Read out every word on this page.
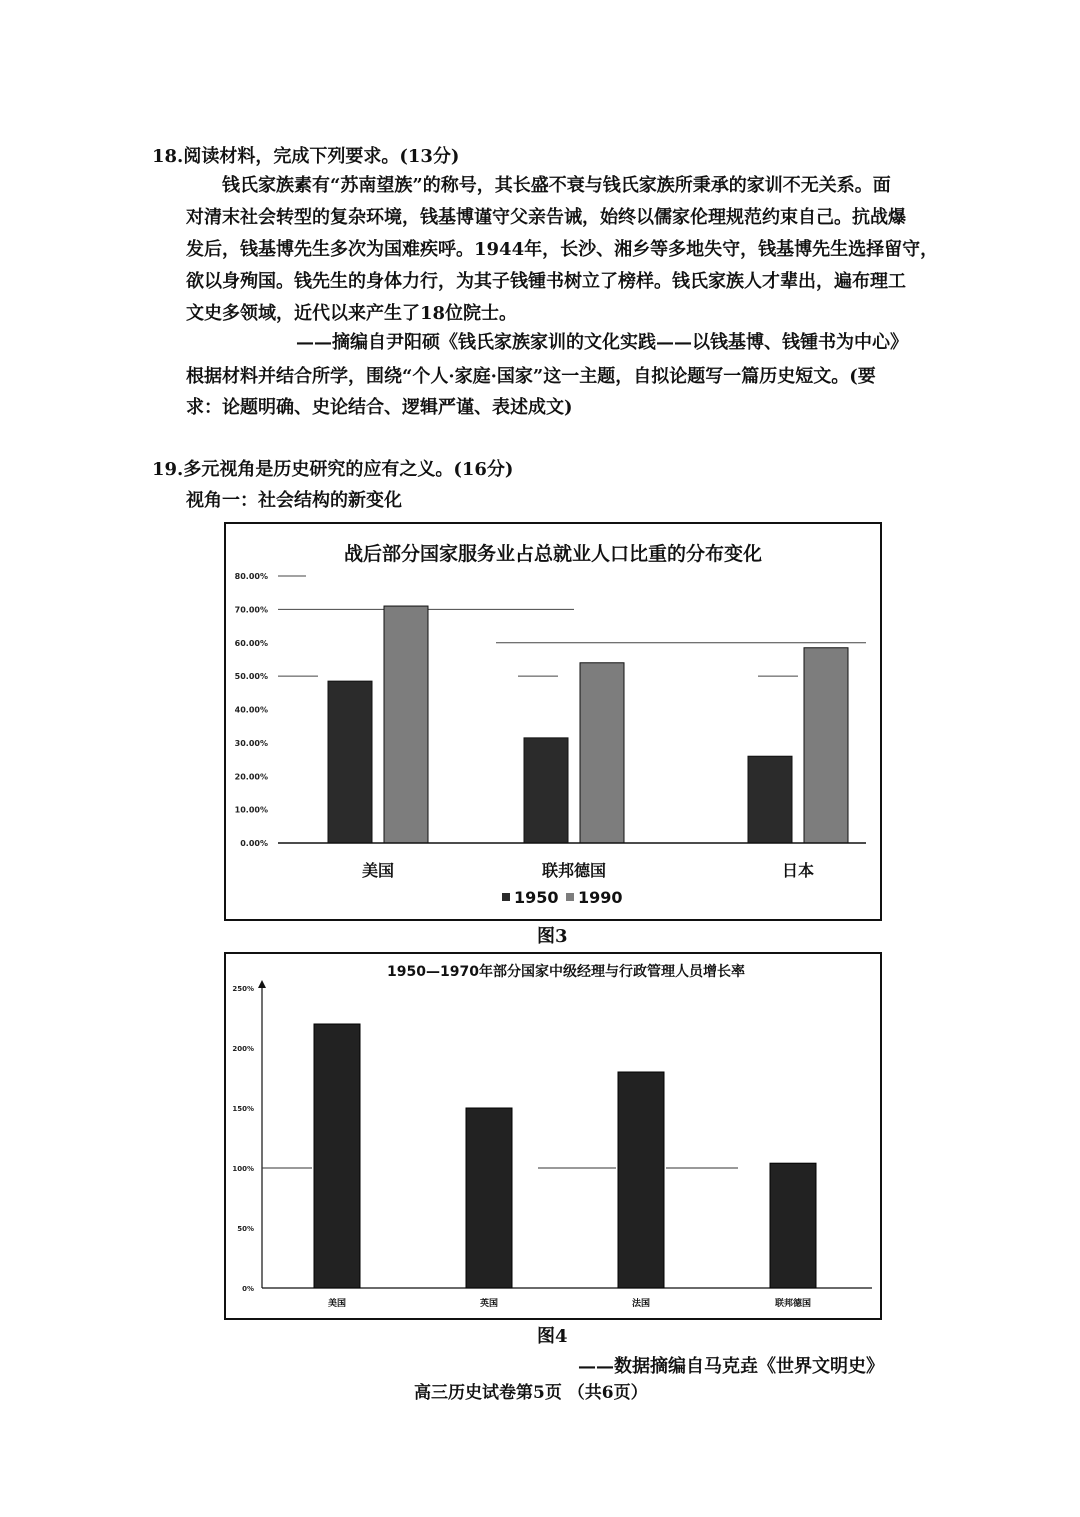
18.阅读材料，完成下列要求。(13分)
钱氏家族素有“苏南望族”的称号，其长盛不衰与钱氏家族所秉承的家训不无关系。面
对清末社会转型的复杂环境，钱基博谨守父亲告诫，始终以儒家伦理规范约束自己。抗战爆
发后，钱基博先生多次为国难疾呼。1944年，长沙、湘乡等多地失守，钱基博先生选择留守，
欲以身殉国。钱先生的身体力行，为其子钱锺书树立了榜样。钱氏家族人才辈出，遍布理工
文史多领域，近代以来产生了18位院士。
——摘编自尹阳硕《钱氏家族家训的文化实践——以钱基博、钱锺书为中心》
根据材料并结合所学，围绕“个人·家庭·国家”这一主题，自拟论题写一篇历史短文。(要
求：论题明确、史论结合、逻辑严谨、表述成文)
19.多元视角是历史研究的应有之义。(16分)
视角一：社会结构的新变化
战后部分国家服务业占总就业人口比重的分布变化
0.00%
10.00%
20.00%
30.00%
40.00%
50.00%
60.00%
70.00%
80.00%
美国	联邦德国	日本
1950 1990
图3
1950—1970年部分国家中级经理与行政管理人员增长率
0%
50%
100%
150%
200%
250%
美国	英国	法国	联邦德国
图4
——数据摘编自马克垚《世界文明史》
高三历史试卷第5页 （共6页）
